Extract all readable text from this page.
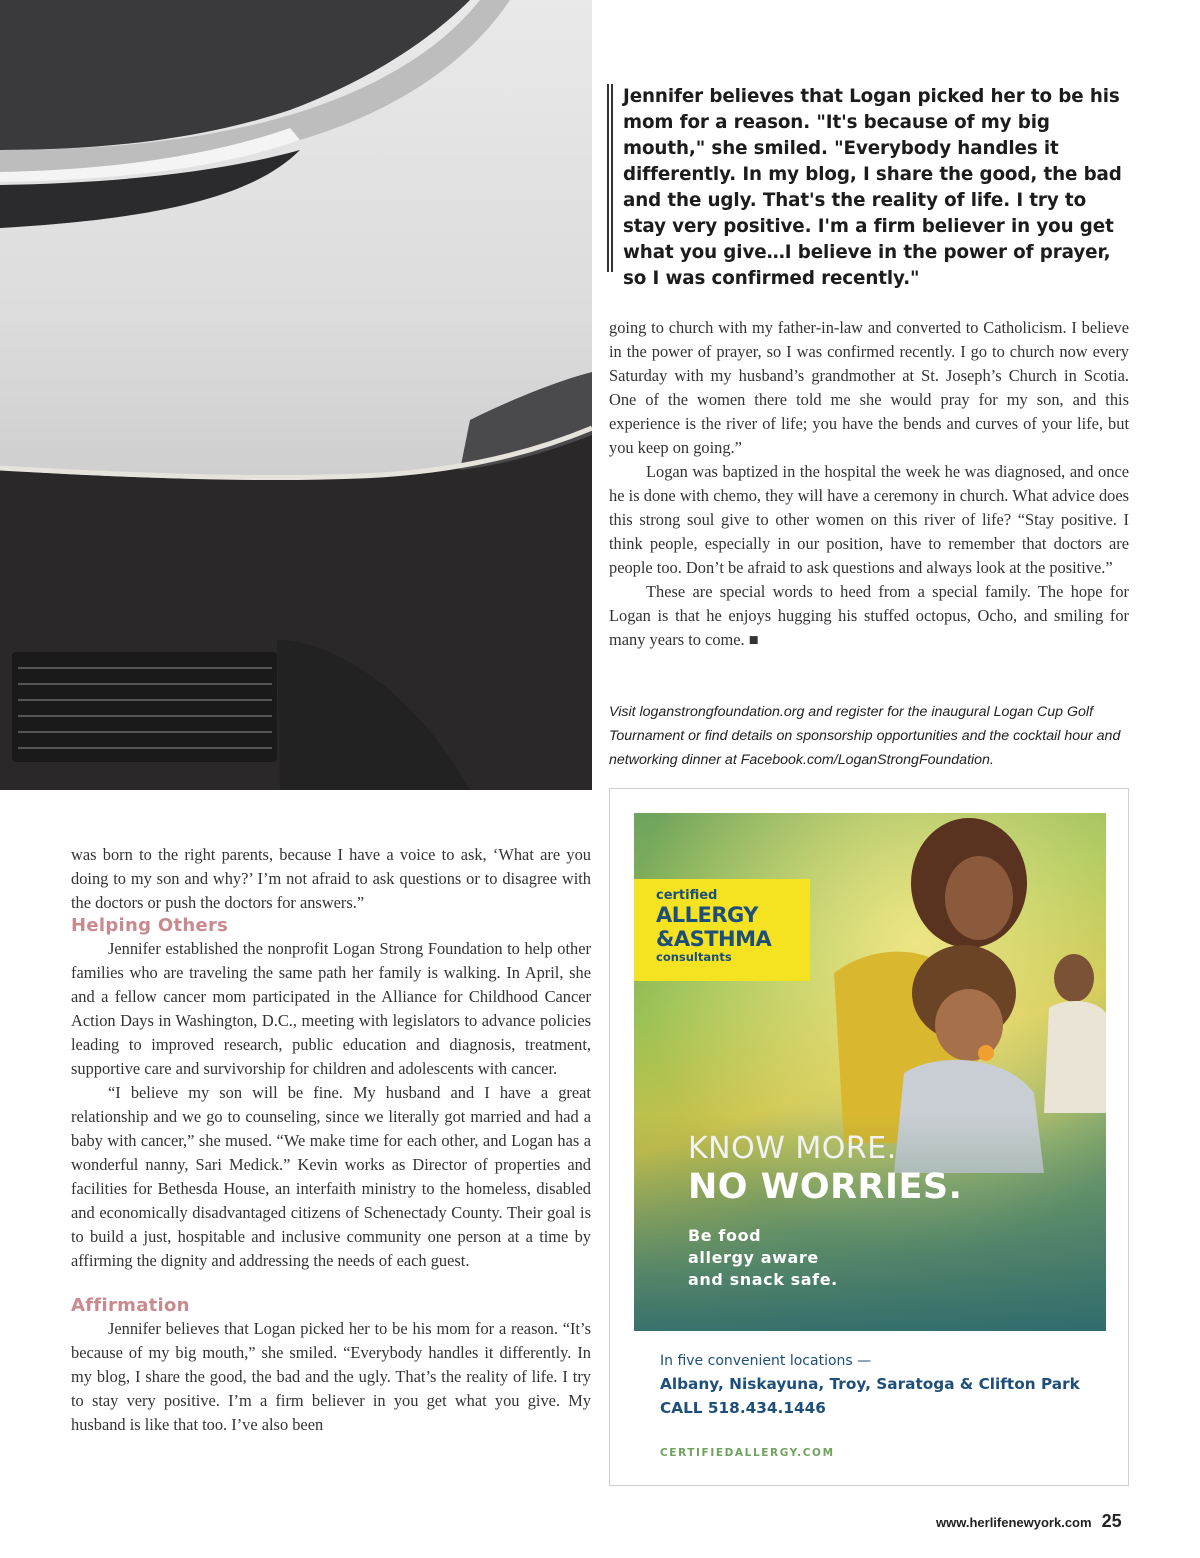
Jennifer believes that Logan picked her to be his mom for a reason. "It's because of my big mouth," she smiled. "Everybody handles it differently. In my blog, I share the good, the bad and the ugly. That's the reality of life. I try to stay very positive. I'm a firm believer in you get what you give…I believe in the power of prayer, so I was confirmed recently."

going to church with my father-in-law and converted to Catholicism. I believe in the power of prayer, so I was confirmed recently. I go to church now every Saturday with my husband’s grandmother at St. Joseph’s Church in Scotia. One of the women there told me she would pray for my son, and this experience is the river of life; you have the bends and curves of your life, but you keep on going.”

Logan was baptized in the hospital the week he was diagnosed, and once he is done with chemo, they will have a ceremony in church. What advice does this strong soul give to other women on this river of life? “Stay positive. I think people, especially in our position, have to remember that doctors are people too. Don’t be afraid to ask questions and always look at the positive.”

These are special words to heed from a special family. The hope for Logan is that he enjoys hugging his stuffed octopus, Ocho, and smiling for many years to come. ■

Visit loganstrongfoundation.org and register for the inaugural Logan Cup Golf Tournament or find details on sponsorship opportunities and the cocktail hour and networking dinner at Facebook.com/LoganStrongFoundation.

was born to the right parents, because I have a voice to ask, ‘What are you doing to my son and why?’ I’m not afraid to ask questions or to disagree with the doctors or push the doctors for answers.”

Helping Others

Jennifer established the nonprofit Logan Strong Foundation to help other families who are traveling the same path her family is walking. In April, she and a fellow cancer mom participated in the Alliance for Childhood Cancer Action Days in Washington, D.C., meeting with legislators to advance policies leading to improved research, public education and diagnosis, treatment, supportive care and survivorship for children and adolescents with cancer.

“I believe my son will be fine. My husband and I have a great relationship and we go to counseling, since we literally got married and had a baby with cancer,” she mused. “We make time for each other, and Logan has a wonderful nanny, Sari Medick.” Kevin works as Director of properties and facilities for Bethesda House, an interfaith ministry to the homeless, disabled and economically disadvantaged citizens of Schenectady County. Their goal is to build a just, hospitable and inclusive community one person at a time by affirming the dignity and addressing the needs of each guest.

Affirmation

Jennifer believes that Logan picked her to be his mom for a reason. “It’s because of my big mouth,” she smiled. “Everybody handles it differently. In my blog, I share the good, the bad and the ugly. That’s the reality of life. I try to stay very positive. I’m a firm believer in you get what you give. My husband is like that too. I’ve also been

certified
ALLERGY
&ASTHMA
consultants
KNOW MORE.
NO WORRIES.
Be food
allergy aware
and snack safe.
In five convenient locations —
Albany, Niskayuna, Troy, Saratoga & Clifton Park
CALL 518.434.1446
CERTIFIEDALLERGY.COM
www.herlifenewyork.com 25
